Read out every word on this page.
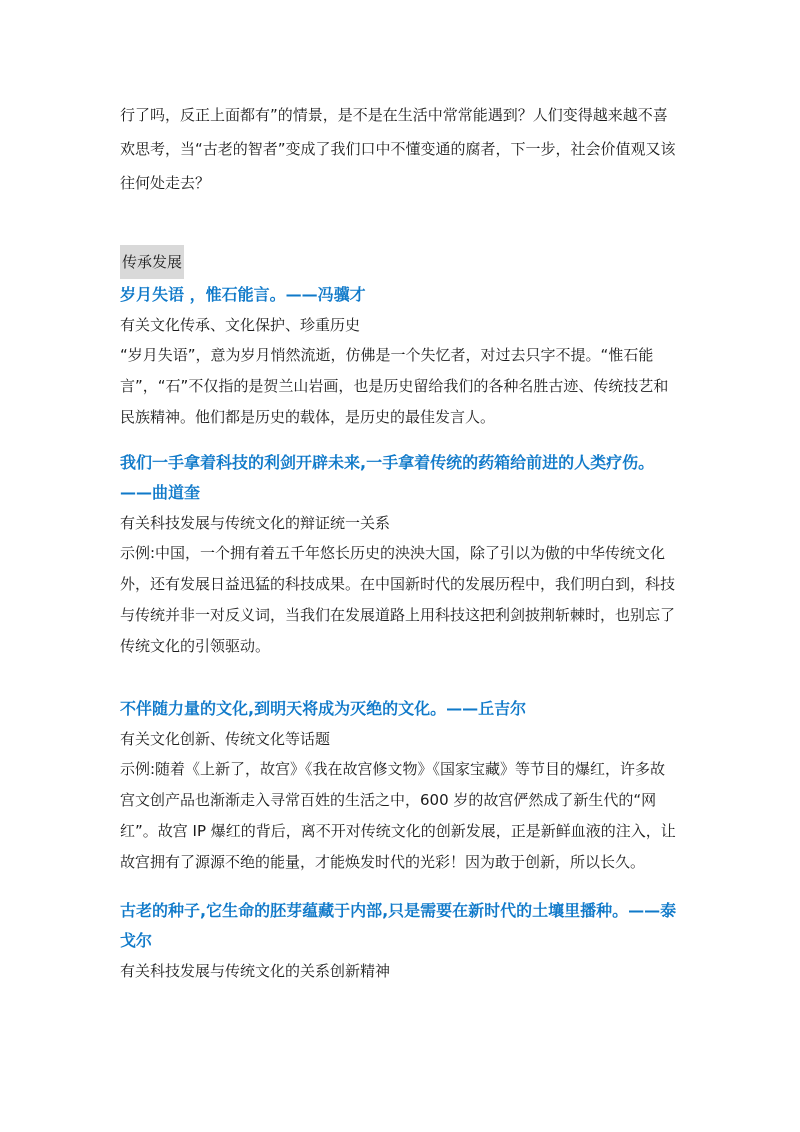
行了吗，反正上面都有”的情景，是不是在生活中常常能遇到？人们变得越来越不喜欢思考，当“古老的智者”变成了我们口中不懂变通的腐者，下一步，社会价值观又该往何处走去？

传承发展

岁月失语 ，惟石能言。——冯骥才

有关文化传承、文化保护、珍重历史

“岁月失语”，意为岁月悄然流逝，仿佛是一个失忆者，对过去只字不提。“惟石能言”，“石”不仅指的是贺兰山岩画，也是历史留给我们的各种名胜古迹、传统技艺和民族精神。他们都是历史的载体，是历史的最佳发言人。

我们一手拿着科技的利剑开辟未来,一手拿着传统的药箱给前进的人类疗伤。——曲道奎

有关科技发展与传统文化的辩证统一关系

示例:中国，一个拥有着五千年悠长历史的泱泱大国，除了引以为傲的中华传统文化外，还有发展日益迅猛的科技成果。在中国新时代的发展历程中，我们明白到，科技与传统并非一对反义词，当我们在发展道路上用科技这把利剑披荆斩棘时，也别忘了传统文化的引领驱动。

不伴随力量的文化,到明天将成为灭绝的文化。——丘吉尔

有关文化创新、传统文化等话题

示例:随着《上新了，故宫》《我在故宫修文物》《国家宝藏》等节目的爆红，许多故宫文创产品也渐渐走入寻常百姓的生活之中，600 岁的故宫俨然成了新生代的“网红”。故宫 IP 爆红的背后，离不开对传统文化的创新发展，正是新鲜血液的注入，让故宫拥有了源源不绝的能量，才能焕发时代的光彩！因为敢于创新，所以长久。

古老的种子,它生命的胚芽蕴藏于内部,只是需要在新时代的土壤里播种。——泰戈尔

有关科技发展与传统文化的关系创新精神
